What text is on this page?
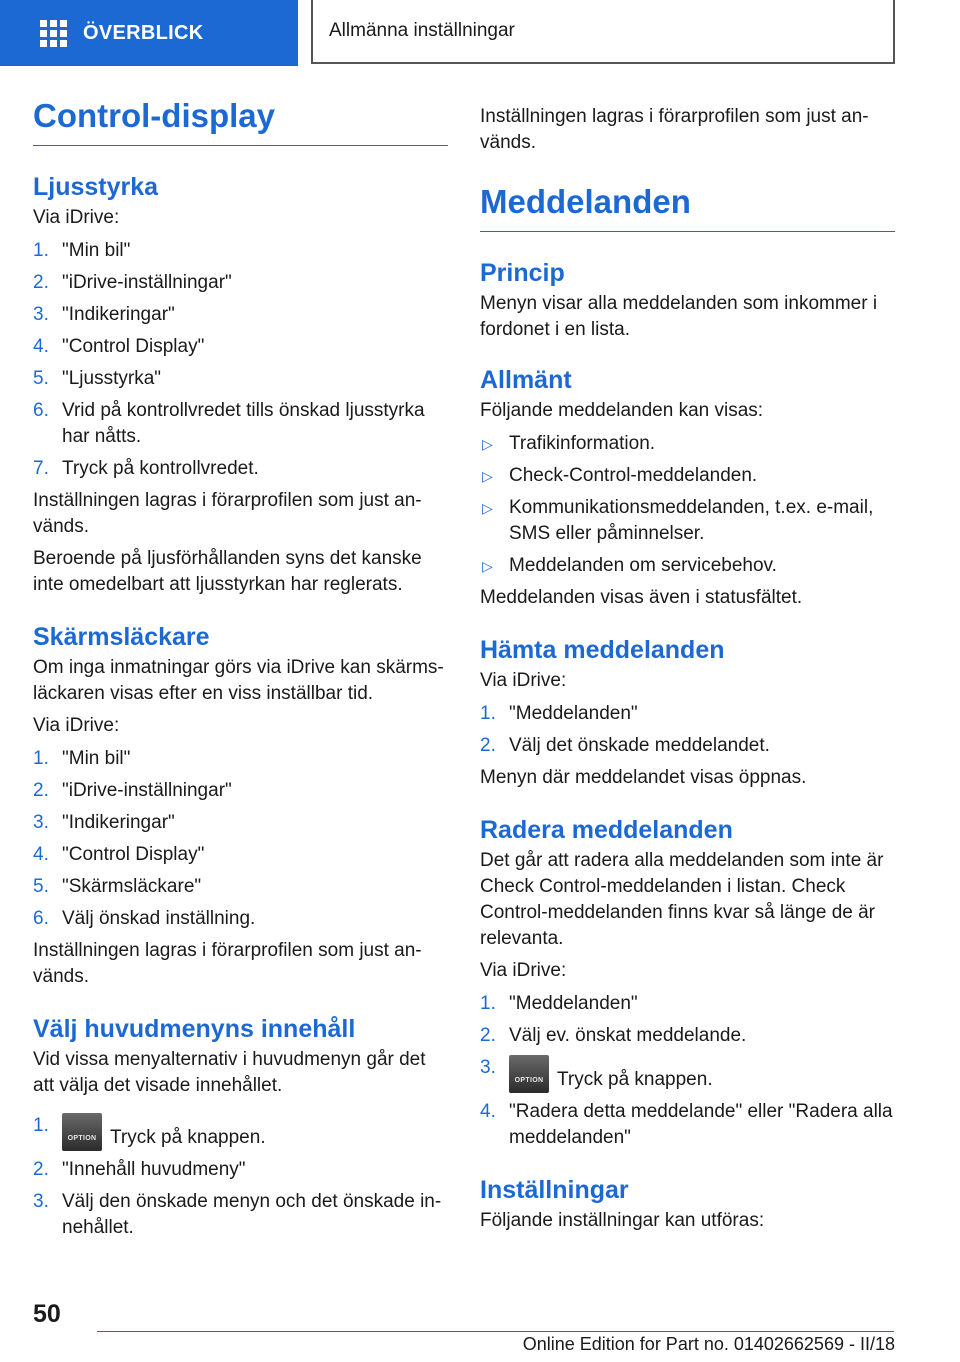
ÖVERBLICK	Allmänna inställningar
Control-display
Ljusstyrka

Via iDrive:

1. "Min bil"
2. "iDrive-inställningar"
3. "Indikeringar"
4. "Control Display"
5. "Ljusstyrka"
6. Vrid på kontrollvredet tills önskad ljusstyrka har nåtts.
7. Tryck på kontrollvredet.

Inställningen lagras i förarprofilen som just an-vänds.

Beroende på ljusförhållanden syns det kanske inte omedelbart att ljusstyrkan har reglerats.

Skärmsläckare

Om inga inmatningar görs via iDrive kan skärms-läckaren visas efter en viss inställbar tid.

Via iDrive:

1. "Min bil"
2. "iDrive-inställningar"
3. "Indikeringar"
4. "Control Display"
5. "Skärmsläckare"
6. Välj önskad inställning.

Inställningen lagras i förarprofilen som just an-vänds.

Välj huvudmenyns innehåll

Vid vissa menyalternativ i huvudmenyn går det att välja det visade innehållet.

1.
OPTION Tryck på knappen.
2. "Innehåll huvudmeny"
3. Välj den önskade menyn och det önskade in-nehållet.

Inställningen lagras i förarprofilen som just an-vänds.

Meddelanden
Princip

Menyn visar alla meddelanden som inkommer i fordonet i en lista.

Allmänt

Följande meddelanden kan visas:

▷ Trafikinformation.
▷ Check-Control-meddelanden.
▷ Kommunikationsmeddelanden, t.ex. e-mail, SMS eller påminnelser.
▷ Meddelanden om servicebehov.

Meddelanden visas även i statusfältet.

Hämta meddelanden

Via iDrive:

1. "Meddelanden"
2. Välj det önskade meddelandet.

Menyn där meddelandet visas öppnas.

Radera meddelanden

Det går att radera alla meddelanden som inte är Check Control-meddelanden i listan. Check Control-meddelanden finns kvar så länge de är relevanta.

Via iDrive:

1. "Meddelanden"
2. Välj ev. önskat meddelande.
3.
OPTION Tryck på knappen.
4. "Radera detta meddelande" eller "Radera alla meddelanden"
Inställningar

Följande inställningar kan utföras:

50
Online Edition for Part no. 01402662569 - II/18
